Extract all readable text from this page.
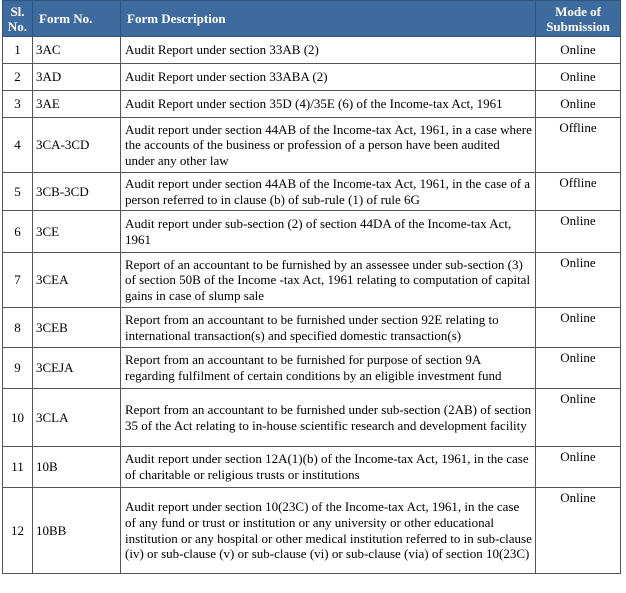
Sl. No.	Form No.	Form Description	Mode of Submission
1	3AC	Audit Report under section 33AB (2)	Online
2	3AD	Audit Report under section 33ABA (2)	Online
3	3AE	Audit Report under section 35D (4)/35E (6) of the Income-tax Act, 1961	Online
4	3CA-3CD	Audit report under section 44AB of the Income-tax Act, 1961, in a case where the accounts of the business or profession of a person have been audited under any other law	Offline
5	3CB-3CD	Audit report under section 44AB of the Income-tax Act, 1961, in the case of a person referred to in clause (b) of sub-rule (1) of rule 6G	Offline
6	3CE	Audit report under sub-section (2) of section 44DA of the Income-tax Act, 1961	Online
7	3CEA	Report of an accountant to be furnished by an assessee under sub-section (3) of section 50B of the Income -tax Act, 1961 relating to computation of capital gains in case of slump sale	Online
8	3CEB	Report from an accountant to be furnished under section 92E relating to international transaction(s) and specified domestic transaction(s)	Online
9	3CEJA	Report from an accountant to be furnished for purpose of section 9A regarding fulfilment of certain conditions by an eligible investment fund	Online
10	3CLA	Report from an accountant to be furnished under sub-section (2AB) of section 35 of the Act relating to in-house scientific research and development facility	Online
11	10B	Audit report under section 12A(1)(b) of the Income-tax Act, 1961, in the case of charitable or religious trusts or institutions	Online
12	10BB	Audit report under section 10(23C) of the Income-tax Act, 1961, in the case of any fund or trust or institution or any university or other educational institution or any hospital or other medical institution referred to in sub-clause (iv) or sub-clause (v) or sub-clause (vi) or sub-clause (via) of section 10(23C)	Online
